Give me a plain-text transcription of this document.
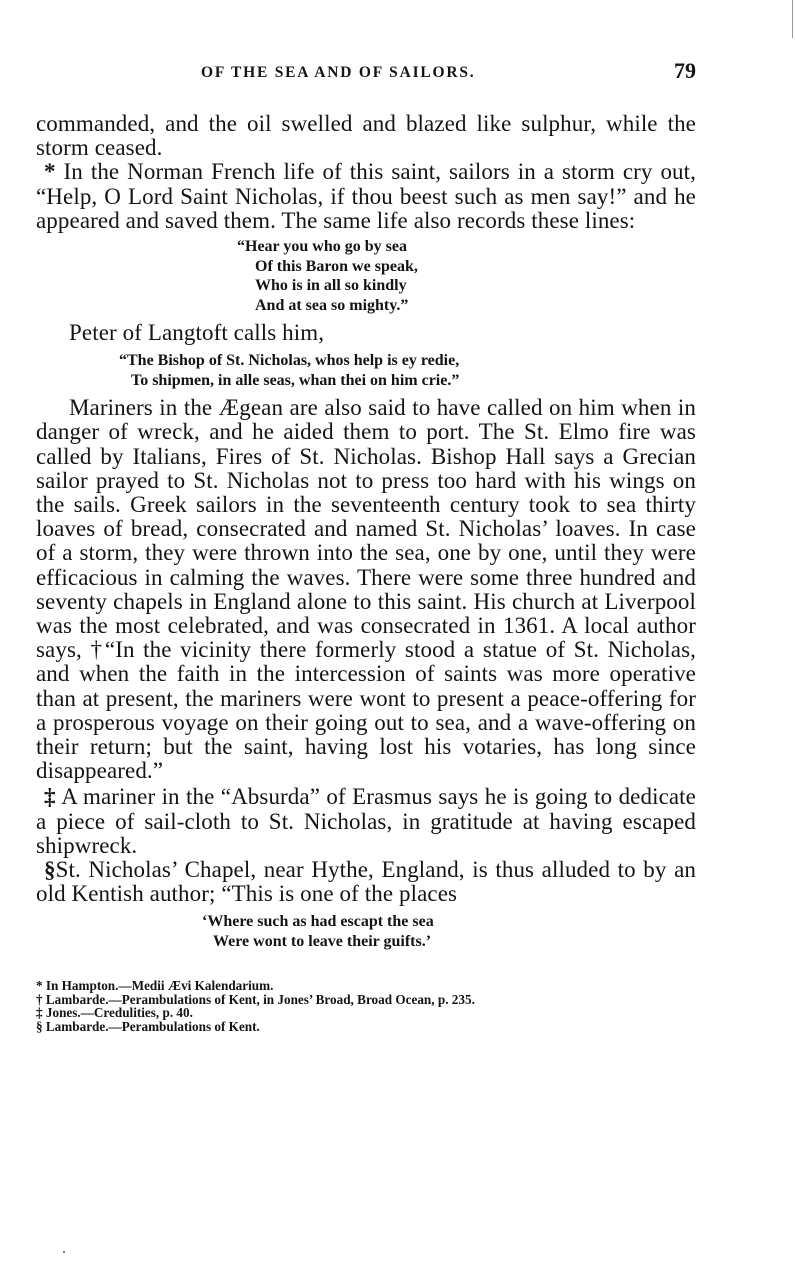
OF THE SEA AND OF SAILORS.	79

commanded, and the oil swelled and blazed like sulphur, while the storm ceased.

* In the Norman French life of this saint, sailors in a storm cry out, “Help, O Lord Saint Nicholas, if thou beest such as men say!” and he appeared and saved them. The same life also records these lines:

“Hear you who go by sea
Of this Baron we speak,
Who is in all so kindly
And at sea so mighty.”

Peter of Langtoft calls him,

“The Bishop of St. Nicholas, whos help is ey redie,
To shipmen, in alle seas, whan thei on him crie.”

Mariners in the Ægean are also said to have called on him when in danger of wreck, and he aided them to port. The St. Elmo fire was called by Italians, Fires of St. Nicholas. Bishop Hall says a Grecian sailor prayed to St. Nicholas not to press too hard with his wings on the sails. Greek sailors in the seventeenth century took to sea thirty loaves of bread, consecrated and named St. Nicholas’ loaves. In case of a storm, they were thrown into the sea, one by one, until they were efficacious in calming the waves. There were some three hundred and seventy chapels in England alone to this saint. His church at Liverpool was the most celebrated, and was consecrated in 1361. A local author says, †“In the vicinity there formerly stood a statue of St. Nicholas, and when the faith in the intercession of saints was more operative than at present, the mariners were wont to present a peace-offering for a prosperous voyage on their going out to sea, and a wave-offering on their return; but the saint, having lost his votaries, has long since disappeared.”

‡ A mariner in the “Absurda” of Erasmus says he is going to dedicate a piece of sail-cloth to St. Nicholas, in gratitude at having escaped shipwreck.

§St. Nicholas’ Chapel, near Hythe, England, is thus alluded to by an old Kentish author; “This is one of the places

‘Where such as had escapt the sea
Were wont to leave their guifts.’
* In Hampton.—Medii Ævi Kalendarium.
† Lambarde.—Perambulations of Kent, in Jones’ Broad, Broad Ocean, p. 235.
‡ Jones.—Credulities, p. 40.
§ Lambarde.—Perambulations of Kent.
